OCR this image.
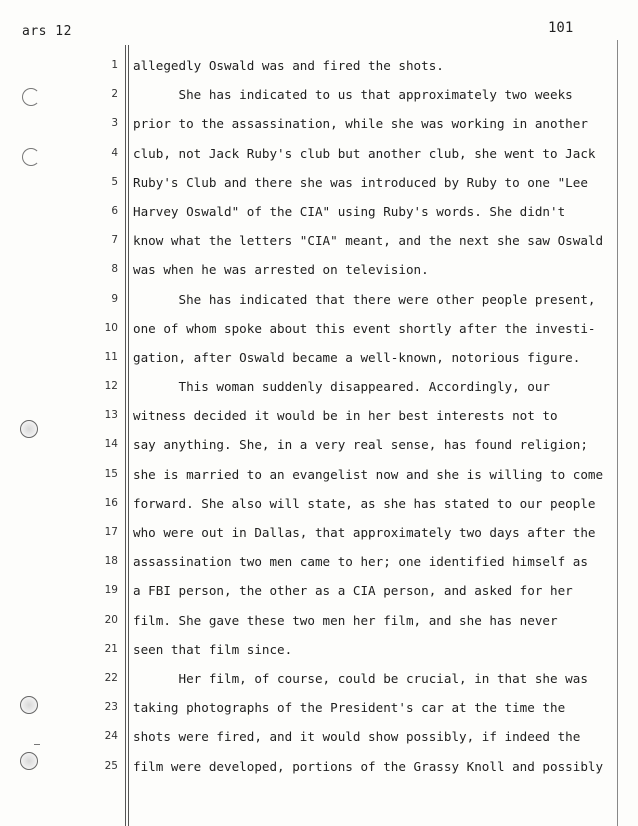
ars 12	101
1
2
3
4
5
6
7
8
9
10
11
12
13
14
15
16
17
18
19
20
21
22
23
24
25
allegedly Oswald was and fired the shots.
She has indicated to us that approximately two weeks
prior to the assassination, while she was working in another
club, not Jack Ruby's club but another club, she went to Jack
Ruby's Club and there she was introduced by Ruby to one "Lee
Harvey Oswald" of the CIA" using Ruby's words. She didn't
know what the letters "CIA" meant, and the next she saw Oswald
was when he was arrested on television.
She has indicated that there were other people present,
one of whom spoke about this event shortly after the investi-
gation, after Oswald became a well-known, notorious figure.
This woman suddenly disappeared. Accordingly, our
witness decided it would be in her best interests not to
say anything. She, in a very real sense, has found religion;
she is married to an evangelist now and she is willing to come
forward. She also will state, as she has stated to our people
who were out in Dallas, that approximately two days after the
assassination two men came to her; one identified himself as
a FBI person, the other as a CIA person, and asked for her
film. She gave these two men her film, and she has never
seen that film since.
Her film, of course, could be crucial, in that she was
taking photographs of the President's car at the time the
shots were fired, and it would show possibly, if indeed the
film were developed, portions of the Grassy Knoll and possibly
